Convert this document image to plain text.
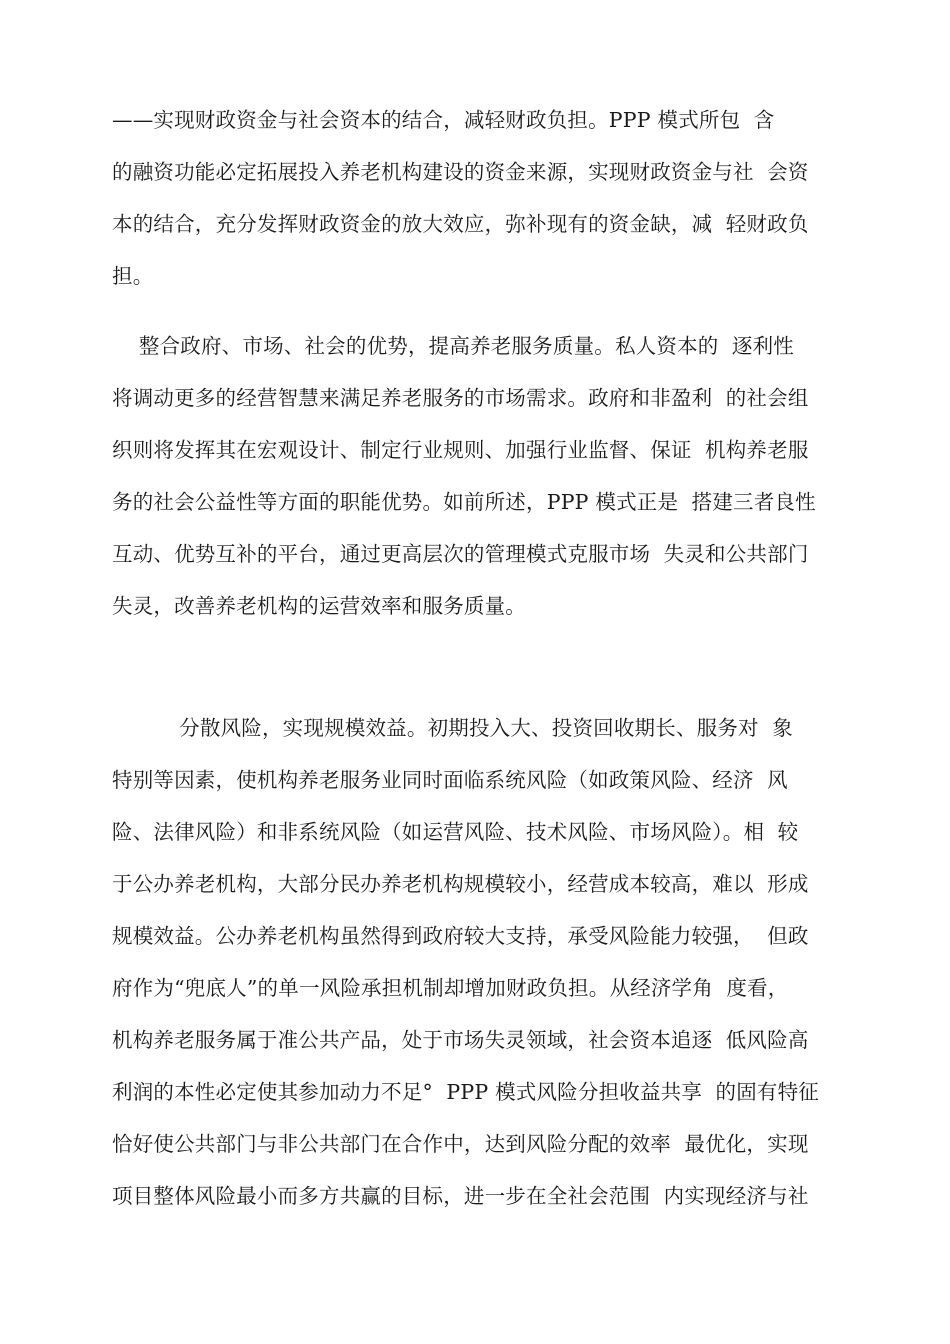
——实现财政资金与社会资本的结合，减轻财政负担。PPP 模式所包  含
的融资功能必定拓展投入养老机构建设的资金来源，实现财政资金与社  会资
本的结合，充分发挥财政资金的放大效应，弥补现有的资金缺，减  轻财政负
担。
整合政府、市场、社会的优势，提高养老服务质量。私人资本的  逐利性
将调动更多的经营智慧来满足养老服务的市场需求。政府和非盈利  的社会组
织则将发挥其在宏观设计、制定行业规则、加强行业监督、保证  机构养老服
务的社会公益性等方面的职能优势。如前所述，PPP 模式正是  搭建三者良性
互动、优势互补的平台，通过更高层次的管理模式克服市场  失灵和公共部门
失灵，改善养老机构的运营效率和服务质量。
分散风险，实现规模效益。初期投入大、投资回收期长、服务对  象
特别等因素，使机构养老服务业同时面临系统风险（如政策风险、经济  风
险、法律风险）和非系统风险（如运营风险、技术风险、市场风险）。相  较
于公办养老机构，大部分民办养老机构规模较小，经营成本较高，难以  形成
规模效益。公办养老机构虽然得到政府较大支持，承受风险能力较强，  但政
府作为“兜底人”的单一风险承担机制却增加财政负担。从经济学角  度看，
机构养老服务属于准公共产品，处于市场失灵领域，社会资本追逐  低风险高
利润的本性必定使其参加动力不足°  PPP 模式风险分担收益共享  的固有特征
恰好使公共部门与非公共部门在合作中，达到风险分配的效率  最优化，实现
项目整体风险最小而多方共赢的目标，进一步在全社会范围  内实现经济与社
